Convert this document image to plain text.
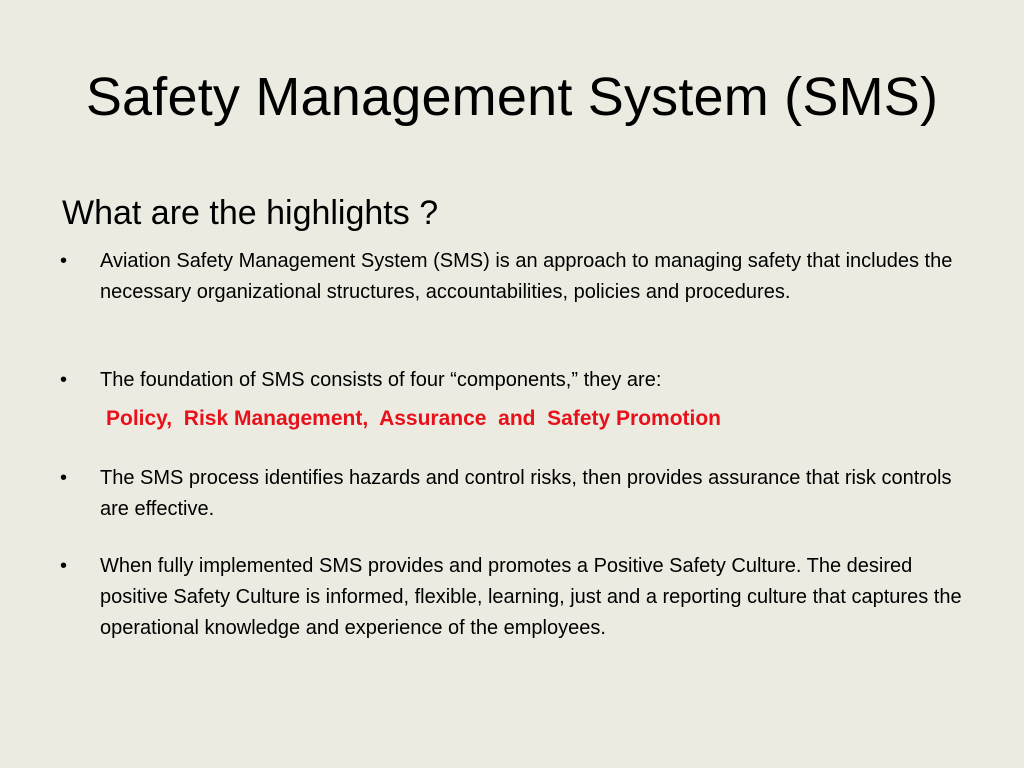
Safety Management System (SMS)
What are the highlights ?
•	Aviation Safety Management System (SMS) is an approach to managing safety that includes the necessary organizational structures, accountabilities, policies and procedures.
•	The foundation of SMS consists of four “components,” they are:
Policy,  Risk Management,  Assurance  and  Safety Promotion
•	The SMS process identifies hazards and control risks, then provides assurance that risk controls are effective.
•	When fully implemented SMS provides and promotes a Positive Safety Culture. The desired positive Safety Culture is informed, flexible, learning, just and a reporting culture that captures the operational knowledge and experience of the employees.
